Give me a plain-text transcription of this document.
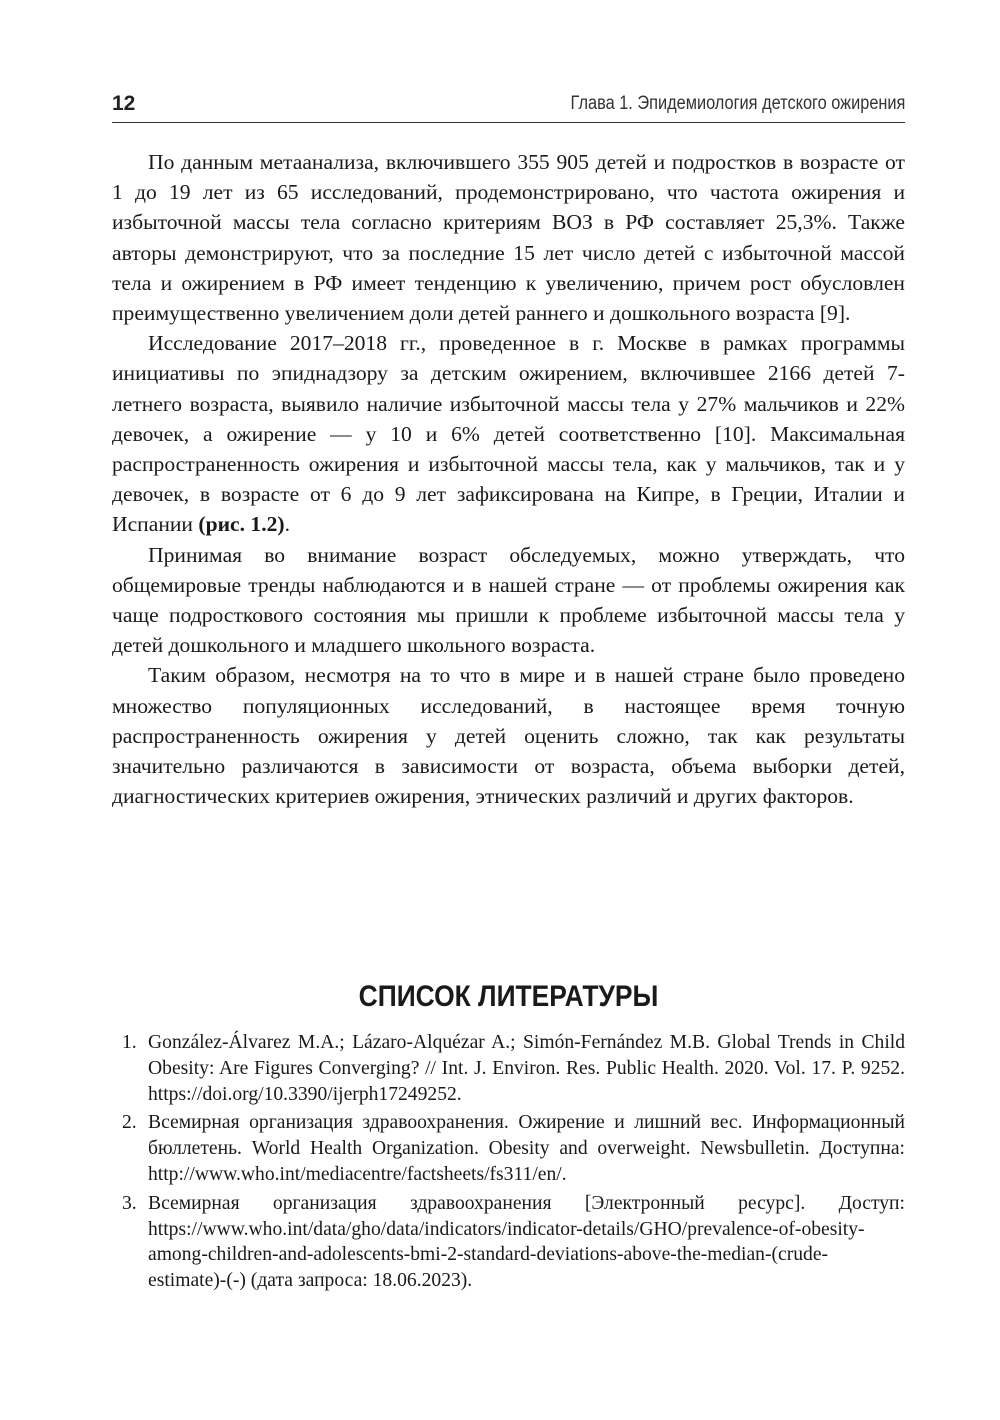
12	Глава 1. Эпидемиология детского ожирения

По данным метаанализа, включившего 355 905 детей и подростков в возрасте от 1 до 19 лет из 65 исследований, продемонстрировано, что частота ожирения и избыточной массы тела согласно критериям ВОЗ в РФ составляет 25,3%. Также авторы демонстрируют, что за последние 15 лет число детей с избыточной массой тела и ожирением в РФ имеет тенденцию к увеличению, причем рост обусловлен преимущественно увеличением доли детей раннего и дошкольного возраста [9].

Исследование 2017–2018 гг., проведенное в г. Москве в рамках программы инициативы по эпиднадзору за детским ожирением, включившее 2166 детей 7-летнего возраста, выявило наличие избыточной массы тела у 27% мальчиков и 22% девочек, а ожирение — у 10 и 6% детей соответственно [10]. Максимальная распространенность ожирения и избыточной массы тела, как у мальчиков, так и у девочек, в возрасте от 6 до 9 лет зафиксирована на Кипре, в Греции, Италии и Испании (рис. 1.2).

Принимая во внимание возраст обследуемых, можно утверждать, что общемировые тренды наблюдаются и в нашей стране — от проблемы ожирения как чаще подросткового состояния мы пришли к проблеме избыточной массы тела у детей дошкольного и младшего школьного возраста.

Таким образом, несмотря на то что в мире и в нашей стране было проведено множество популяционных исследований, в настоящее время точную распространенность ожирения у детей оценить сложно, так как результаты значительно различаются в зависимости от возраста, объема выборки детей, диагностических критериев ожирения, этнических различий и других факторов.

СПИСОК ЛИТЕРАТУРЫ
1. González-Álvarez M.A.; Lázaro-Alquézar A.; Simón-Fernández M.B. Global Trends in Child Obesity: Are Figures Converging? // Int. J. Environ. Res. Public Health. 2020. Vol. 17. P. 9252. https://doi.org/10.3390/ijerph17249252.
2. Всемирная организация здравоохранения. Ожирение и лишний вес. Информационный бюллетень. World Health Organization. Obesity and overweight. Newsbulletin. Доступна: http://www.who.int/mediacentre/factsheets/fs311/en/.
3. Всемирная организация здравоохранения [Электронный ресурс]. Доступ: https://www.who.int/data/gho/data/indicators/indicator-details/GHO/prevalence-of-obesity-among-children-and-adolescents-bmi-2-standard-deviations-above-the-median-(crude-estimate)-(-) (дата запроса: 18.06.2023).
